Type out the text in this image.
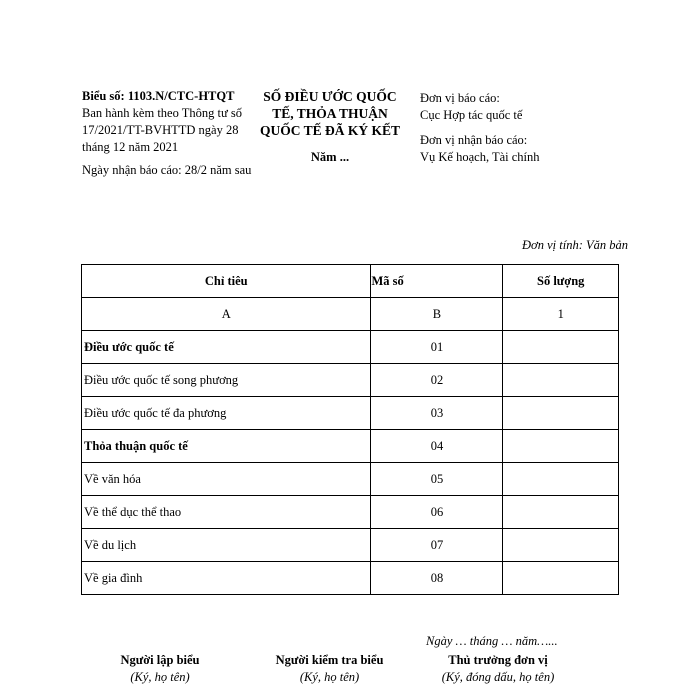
Biểu số: 1103.N/CTC-HTQT
Ban hành kèm theo Thông tư số 17/2021/TT-BVHTTD ngày 28 tháng 12 năm 2021
Ngày nhận báo cáo: 28/2 năm sau
SỐ ĐIỀU ƯỚC QUỐC TẾ, THỎA THUẬN QUỐC TẾ ĐÃ KÝ KẾT
Năm ...
Đơn vị báo cáo:
Cục Hợp tác quốc tế
Đơn vị nhận báo cáo:
Vụ Kế hoạch, Tài chính
Đơn vị tính: Văn bản
Chỉ tiêu	Mã số	Số lượng
A	B	1
Điều ước quốc tế	01	
Điều ước quốc tế song phương	02	
Điều ước quốc tế đa phương	03	
Thỏa thuận quốc tế	04	
Về văn hóa	05	
Về thể dục thể thao	06	
Về du lịch	07	
Về gia đình	08	
Ngày … tháng … năm…...
Người lập biểu
(Ký, họ tên)
Người kiểm tra biểu
(Ký, họ tên)
Thủ trưởng đơn vị
(Ký, đóng dấu, họ tên)
